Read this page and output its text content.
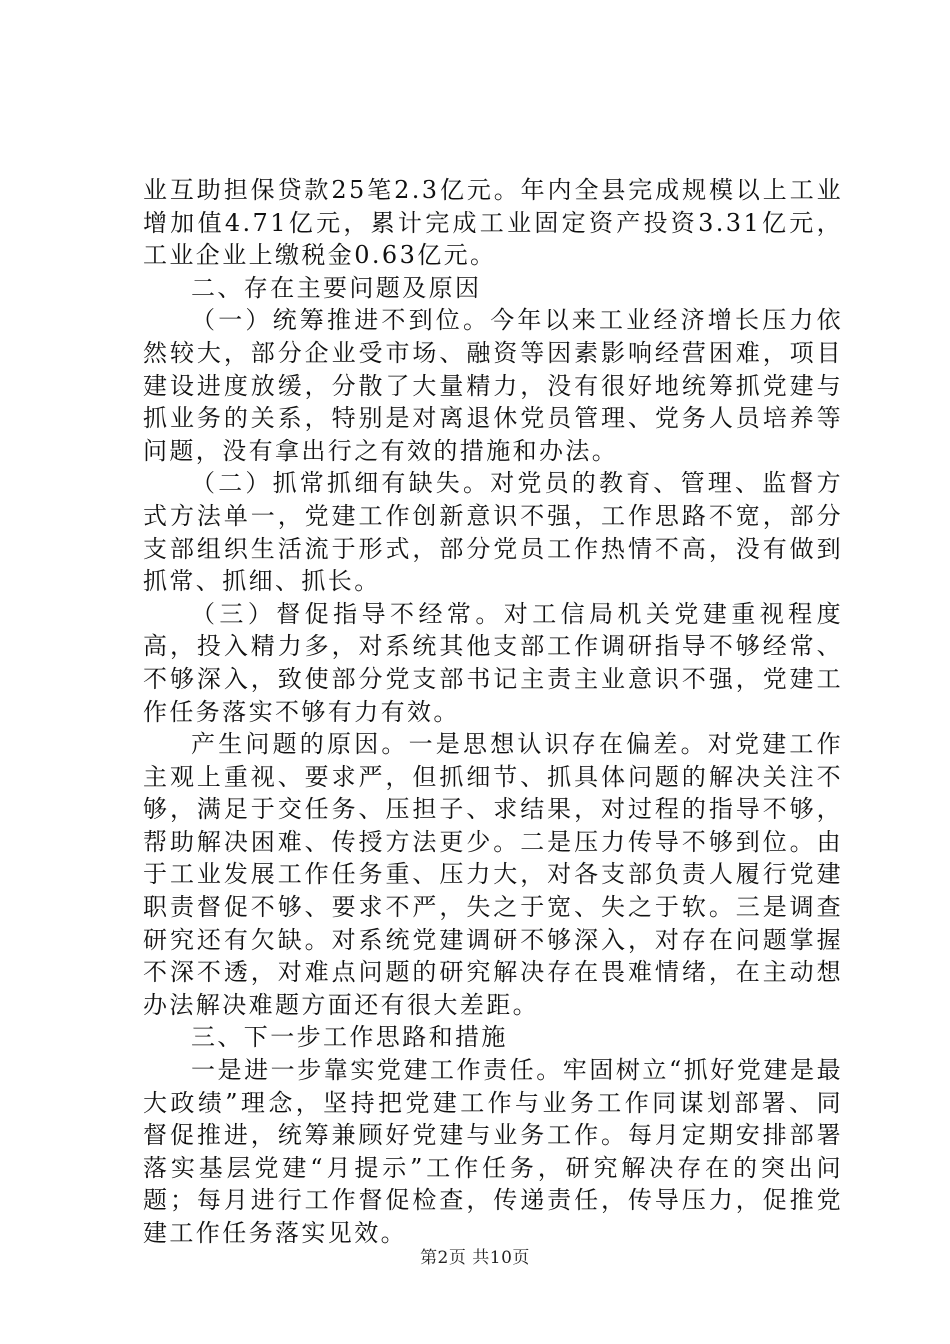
业互助担保贷款25笔2.3亿元。年内全县完成规模以上工业增加值4.71亿元，累计完成工业固定资产投资3.31亿元，工业企业上缴税金0.63亿元。

二、存在主要问题及原因

（一）统筹推进不到位。今年以来工业经济增长压力依然较大，部分企业受市场、融资等因素影响经营困难，项目建设进度放缓，分散了大量精力，没有很好地统筹抓党建与抓业务的关系，特别是对离退休党员管理、党务人员培养等问题，没有拿出行之有效的措施和办法。

（二）抓常抓细有缺失。对党员的教育、管理、监督方式方法单一，党建工作创新意识不强，工作思路不宽，部分支部组织生活流于形式，部分党员工作热情不高，没有做到抓常、抓细、抓长。

（三）督促指导不经常。对工信局机关党建重视程度高，投入精力多，对系统其他支部工作调研指导不够经常、不够深入，致使部分党支部书记主责主业意识不强，党建工作任务落实不够有力有效。

产生问题的原因。一是思想认识存在偏差。对党建工作主观上重视、要求严，但抓细节、抓具体问题的解决关注不够，满足于交任务、压担子、求结果，对过程的指导不够，帮助解决困难、传授方法更少。二是压力传导不够到位。由于工业发展工作任务重、压力大，对各支部负责人履行党建职责督促不够、要求不严，失之于宽、失之于软。三是调查研究还有欠缺。对系统党建调研不够深入，对存在问题掌握不深不透，对难点问题的研究解决存在畏难情绪，在主动想办法解决难题方面还有很大差距。

三、下一步工作思路和措施

一是进一步靠实党建工作责任。牢固树立“抓好党建是最大政绩”理念，坚持把党建工作与业务工作同谋划部署、同督促推进，统筹兼顾好党建与业务工作。每月定期安排部署落实基层党建“月提示”工作任务，研究解决存在的突出问题；每月进行工作督促检查，传递责任，传导压力，促推党建工作任务落实见效。

第2页 共10页
